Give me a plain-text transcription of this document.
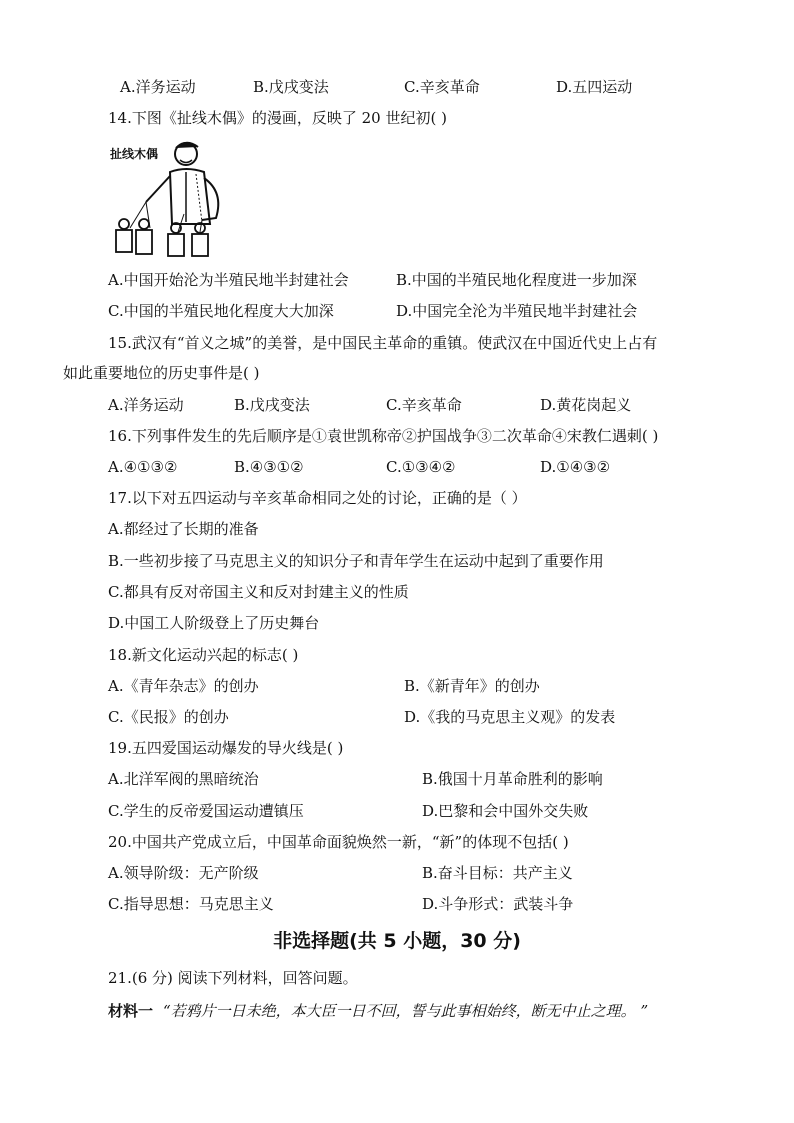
A.洋务运动	B.戊戌变法	C.辛亥革命	D.五四运动
14.下图《扯线木偶》的漫画，反映了 20 世纪初( )
扯线木偶
A.中国开始沦为半殖民地半封建社会	B.中国的半殖民地化程度进一步加深
C.中国的半殖民地化程度大大加深	D.中国完全沦为半殖民地半封建社会
15.武汉有“首义之城”的美誉，是中国民主革命的重镇。使武汉在中国近代史上占有
如此重要地位的历史事件是( )
A.洋务运动	B.戊戌变法	C.辛亥革命	D.黄花岗起义
16.下列事件发生的先后顺序是①袁世凯称帝②护国战争③二次革命④宋教仁遇刺( )
A.④①③②	B.④③①②	C.①③④②	D.①④③②
17.以下对五四运动与辛亥革命相同之处的讨论，正确的是（ ）
A.都经过了长期的准备
B.一些初步接了马克思主义的知识分子和青年学生在运动中起到了重要作用
C.都具有反对帝国主义和反对封建主义的性质
D.中国工人阶级登上了历史舞台
18.新文化运动兴起的标志( )
A.《青年杂志》的创办	B.《新青年》的创办
C.《民报》的创办	D.《我的马克思主义观》的发表
19.五四爱国运动爆发的导火线是( )
A.北洋军阀的黑暗统治	B.俄国十月革命胜利的影响
C.学生的反帝爱国运动遭镇压	D.巴黎和会中国外交失败
20.中国共产党成立后，中国革命面貌焕然一新，“新”的体现不包括( )
A.领导阶级：无产阶级	B.奋斗目标：共产主义
C.指导思想：马克思主义	D.斗争形式：武装斗争
非选择题(共 5 小题，30 分)
21.(6 分) 阅读下列材料，回答问题。
材料一 “若鸦片一日未绝，本大臣一日不回，誓与此事相始终，断无中止之理。 ”
